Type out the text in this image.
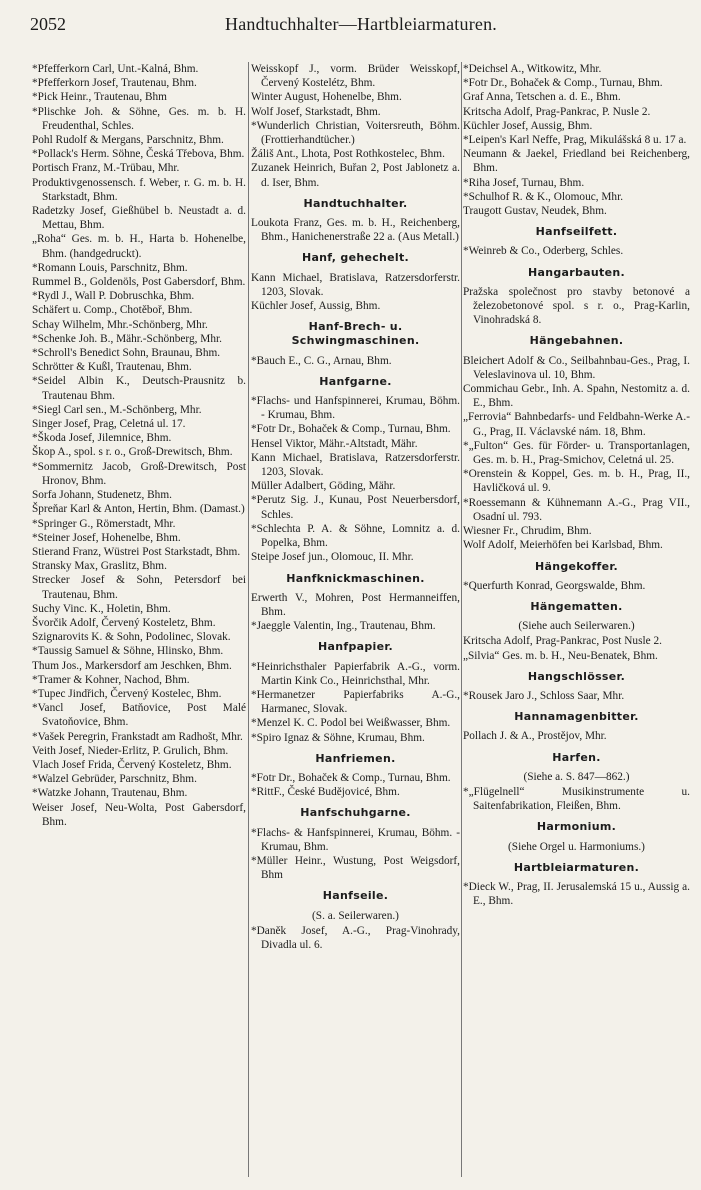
2052	Handtuchhalter—Hartbleiarmaturen.
*Pfefferkorn Carl, Unt.-Kalná, Bhm.
*Pfefferkorn Josef, Trautenau, Bhm.
*Pick Heinr., Trautenau, Bhm
*Plischke Joh. & Söhne, Ges. m. b. H. Freudenthal, Schles.
Pohl Rudolf & Mergans, Parschnitz, Bhm.
*Pollack's Herm. Söhne, Česká Třebova, Bhm.
Portisch Franz, M.-Trübau, Mhr.
Produktivgenossensch. f. Weber, r. G. m. b. H. Starkstadt, Bhm.
Radetzky Josef, Gießhübel b. Neustadt a. d. Mettau, Bhm.
„Roha“ Ges. m. b. H., Harta b. Hohenelbe, Bhm. (handgedruckt).
*Romann Louis, Parschnitz, Bhm.
Rummel B., Goldenöls, Post Gabersdorf, Bhm.
*Rydl J., Wall P. Dobruschka, Bhm.
Schäfert u. Comp., Chotěboř, Bhm.
Schay Wilhelm, Mhr.-Schönberg, Mhr.
*Schenke Joh. B., Mähr.-Schönberg, Mhr.
*Schroll's Benedict Sohn, Braunau, Bhm.
Schrötter & Kußl, Trautenau, Bhm.
*Seidel Albin K., Deutsch-Prausnitz b. Trautenau Bhm.
*Siegl Carl sen., M.-Schönberg, Mhr.
Singer Josef, Prag, Celetná ul. 17.
*Škoda Josef, Jilemnice, Bhm.
Škop A., spol. s r. o., Groß-Drewitsch, Bhm.
*Sommernitz Jacob, Groß-Drewitsch, Post Hronov, Bhm.
Sorfa Johann, Studenetz, Bhm.
Špreňar Karl & Anton, Hertin, Bhm. (Damast.)
*Springer G., Römerstadt, Mhr.
*Steiner Josef, Hohenelbe, Bhm.
Stierand Franz, Wüstrei Post Starkstadt, Bhm.
Stransky Max, Graslitz, Bhm.
Strecker Josef & Sohn, Petersdorf bei Trautenau, Bhm.
Suchy Vinc. K., Holetin, Bhm.
Švorčik Adolf, Červený Kosteletz, Bhm.
Szignarovits K. & Sohn, Podolinec, Slovak.
*Taussig Samuel & Söhne, Hlinsko, Bhm.
Thum Jos., Markersdorf am Jeschken, Bhm.
*Tramer & Kohner, Nachod, Bhm.
*Tupec Jindřich, Červený Kostelec, Bhm.
*Vancl Josef, Batňovice, Post Malé Svatoňovice, Bhm.
*Vašek Peregrin, Frankstadt am Radhošt, Mhr.
Veith Josef, Nieder-Erlitz, P. Grulich, Bhm.
Vlach Josef Frida, Červený Kosteletz, Bhm.
*Walzel Gebrüder, Parschnitz, Bhm.
*Watzke Johann, Trautenau, Bhm.
Weiser Josef, Neu-Wolta, Post Gabersdorf, Bhm.
Weisskopf J., vorm. Brüder Weisskopf, Červený Kostelétz, Bhm.
Winter August, Hohenelbe, Bhm.
Wolf Josef, Starkstadt, Bhm.
*Wunderlich Christian, Voitersreuth, Böhm. (Frottierhandtücher.)
Žáliš Ant., Lhota, Post Rothkostelec, Bhm.
Zuzanek Heinrich, Buřan 2, Post Jablonetz a. d. Iser, Bhm.
Handtuchhalter.
Loukota Franz, Ges. m. b. H., Reichenberg, Bhm., Hanichenerstraße 22 a. (Aus Metall.)
Hanf, gehechelt.
Kann Michael, Bratislava, Ratzersdorferstr. 1203, Slovak.
Küchler Josef, Aussig, Bhm.
Hanf-Brech- u. Schwingmaschinen.
*Bauch E., C. G., Arnau, Bhm.
Hanfgarne.
*Flachs- und Hanfspinnerei, Krumau, Böhm. - Krumau, Bhm.
*Fotr Dr., Bohaček & Comp., Turnau, Bhm.
Hensel Viktor, Mähr.-Altstadt, Mähr.
Kann Michael, Bratislava, Ratzersdorferstr. 1203, Slovak.
Müller Adalbert, Göding, Mähr.
*Perutz Sig. J., Kunau, Post Neuerbersdorf, Schles.
*Schlechta P. A. & Söhne, Lomnitz a. d. Popelka, Bhm.
Steipe Josef jun., Olomouc, II. Mhr.
Hanfknickmaschinen.
Erwerth V., Mohren, Post Hermanneiffen, Bhm.
*Jaeggle Valentin, Ing., Trautenau, Bhm.
Hanfpapier.
*Heinrichsthaler Papierfabrik A.-G., vorm. Martin Kink Co., Heinrichsthal, Mhr.
*Hermanetzer Papierfabriks A.-G., Harmanec, Slovak.
*Menzel K. C. Podol bei Weißwasser, Bhm.
*Spiro Ignaz & Söhne, Krumau, Bhm.
Hanfriemen.
*Fotr Dr., Bohaček & Comp., Turnau, Bhm.
*RittF., České Budějovicé, Bhm.
Hanfschuhgarne.
*Flachs- & Hanfspinnerei, Krumau, Böhm. - Krumau, Bhm.
*Müller Heinr., Wustung, Post Weigsdorf, Bhm
Hanfseile.
(S. a. Seilerwaren.)
*Daněk Josef, A.-G., Prag-Vinohrady, Divadla ul. 6.
*Deichsel A., Witkowitz, Mhr.
*Fotr Dr., Bohaček & Comp., Turnau, Bhm.
Graf Anna, Tetschen a. d. E., Bhm.
Kritscha Adolf, Prag-Pankrac, P. Nusle 2.
Küchler Josef, Aussig, Bhm.
*Leipen's Karl Neffe, Prag, Mikulášská 8 u. 17 a.
Neumann & Jaekel, Friedland bei Reichenberg, Bhm.
*Riha Josef, Turnau, Bhm.
*Schulhof R. & K., Olomouc, Mhr.
Traugott Gustav, Neudek, Bhm.
Hanfseilfett.
*Weinreb & Co., Oderberg, Schles.
Hangarbauten.
Pražska společnost pro stavby betonové a železobetonové spol. s r. o., Prag-Karlin, Vinohradská 8.
Hängebahnen.
Bleichert Adolf & Co., Seilbahnbau-Ges., Prag, I. Veleslavinova ul. 10, Bhm.
Commichau Gebr., Inh. A. Spahn, Nestomitz a. d. E., Bhm.
„Ferrovia“ Bahnbedarfs- und Feldbahn-Werke A.-G., Prag, II. Václavské nám. 18, Bhm.
*„Fulton“ Ges. für Förder- u. Transportanlagen, Ges. m. b. H., Prag-Smichov, Celetná ul. 25.
*Orenstein & Koppel, Ges. m. b. H., Prag, II., Havličková ul. 9.
*Roessemann & Kühnemann A.-G., Prag VII., Osadní ul. 793.
Wiesner Fr., Chrudim, Bhm.
Wolf Adolf, Meierhöfen bei Karlsbad, Bhm.
Hängekoffer.
*Querfurth Konrad, Georgswalde, Bhm.
Hängematten.
(Siehe auch Seilerwaren.)
Kritscha Adolf, Prag-Pankrac, Post Nusle 2.
„Silvia“ Ges. m. b. H., Neu-Benatek, Bhm.
Hangschlösser.
*Rousek Jaro J., Schloss Saar, Mhr.
Hannamagenbitter.
Pollach J. & A., Prostějov, Mhr.
Harfen.
(Siehe a. S. 847—862.)
*„Flügelnell“ Musikinstrumente u. Saitenfabrikation, Fleißen, Bhm.
Harmonium.
(Siehe Orgel u. Harmoniums.)
Hartbleiarmaturen.
*Dieck W., Prag, II. Jerusalemská 15 u., Aussig a. E., Bhm.
